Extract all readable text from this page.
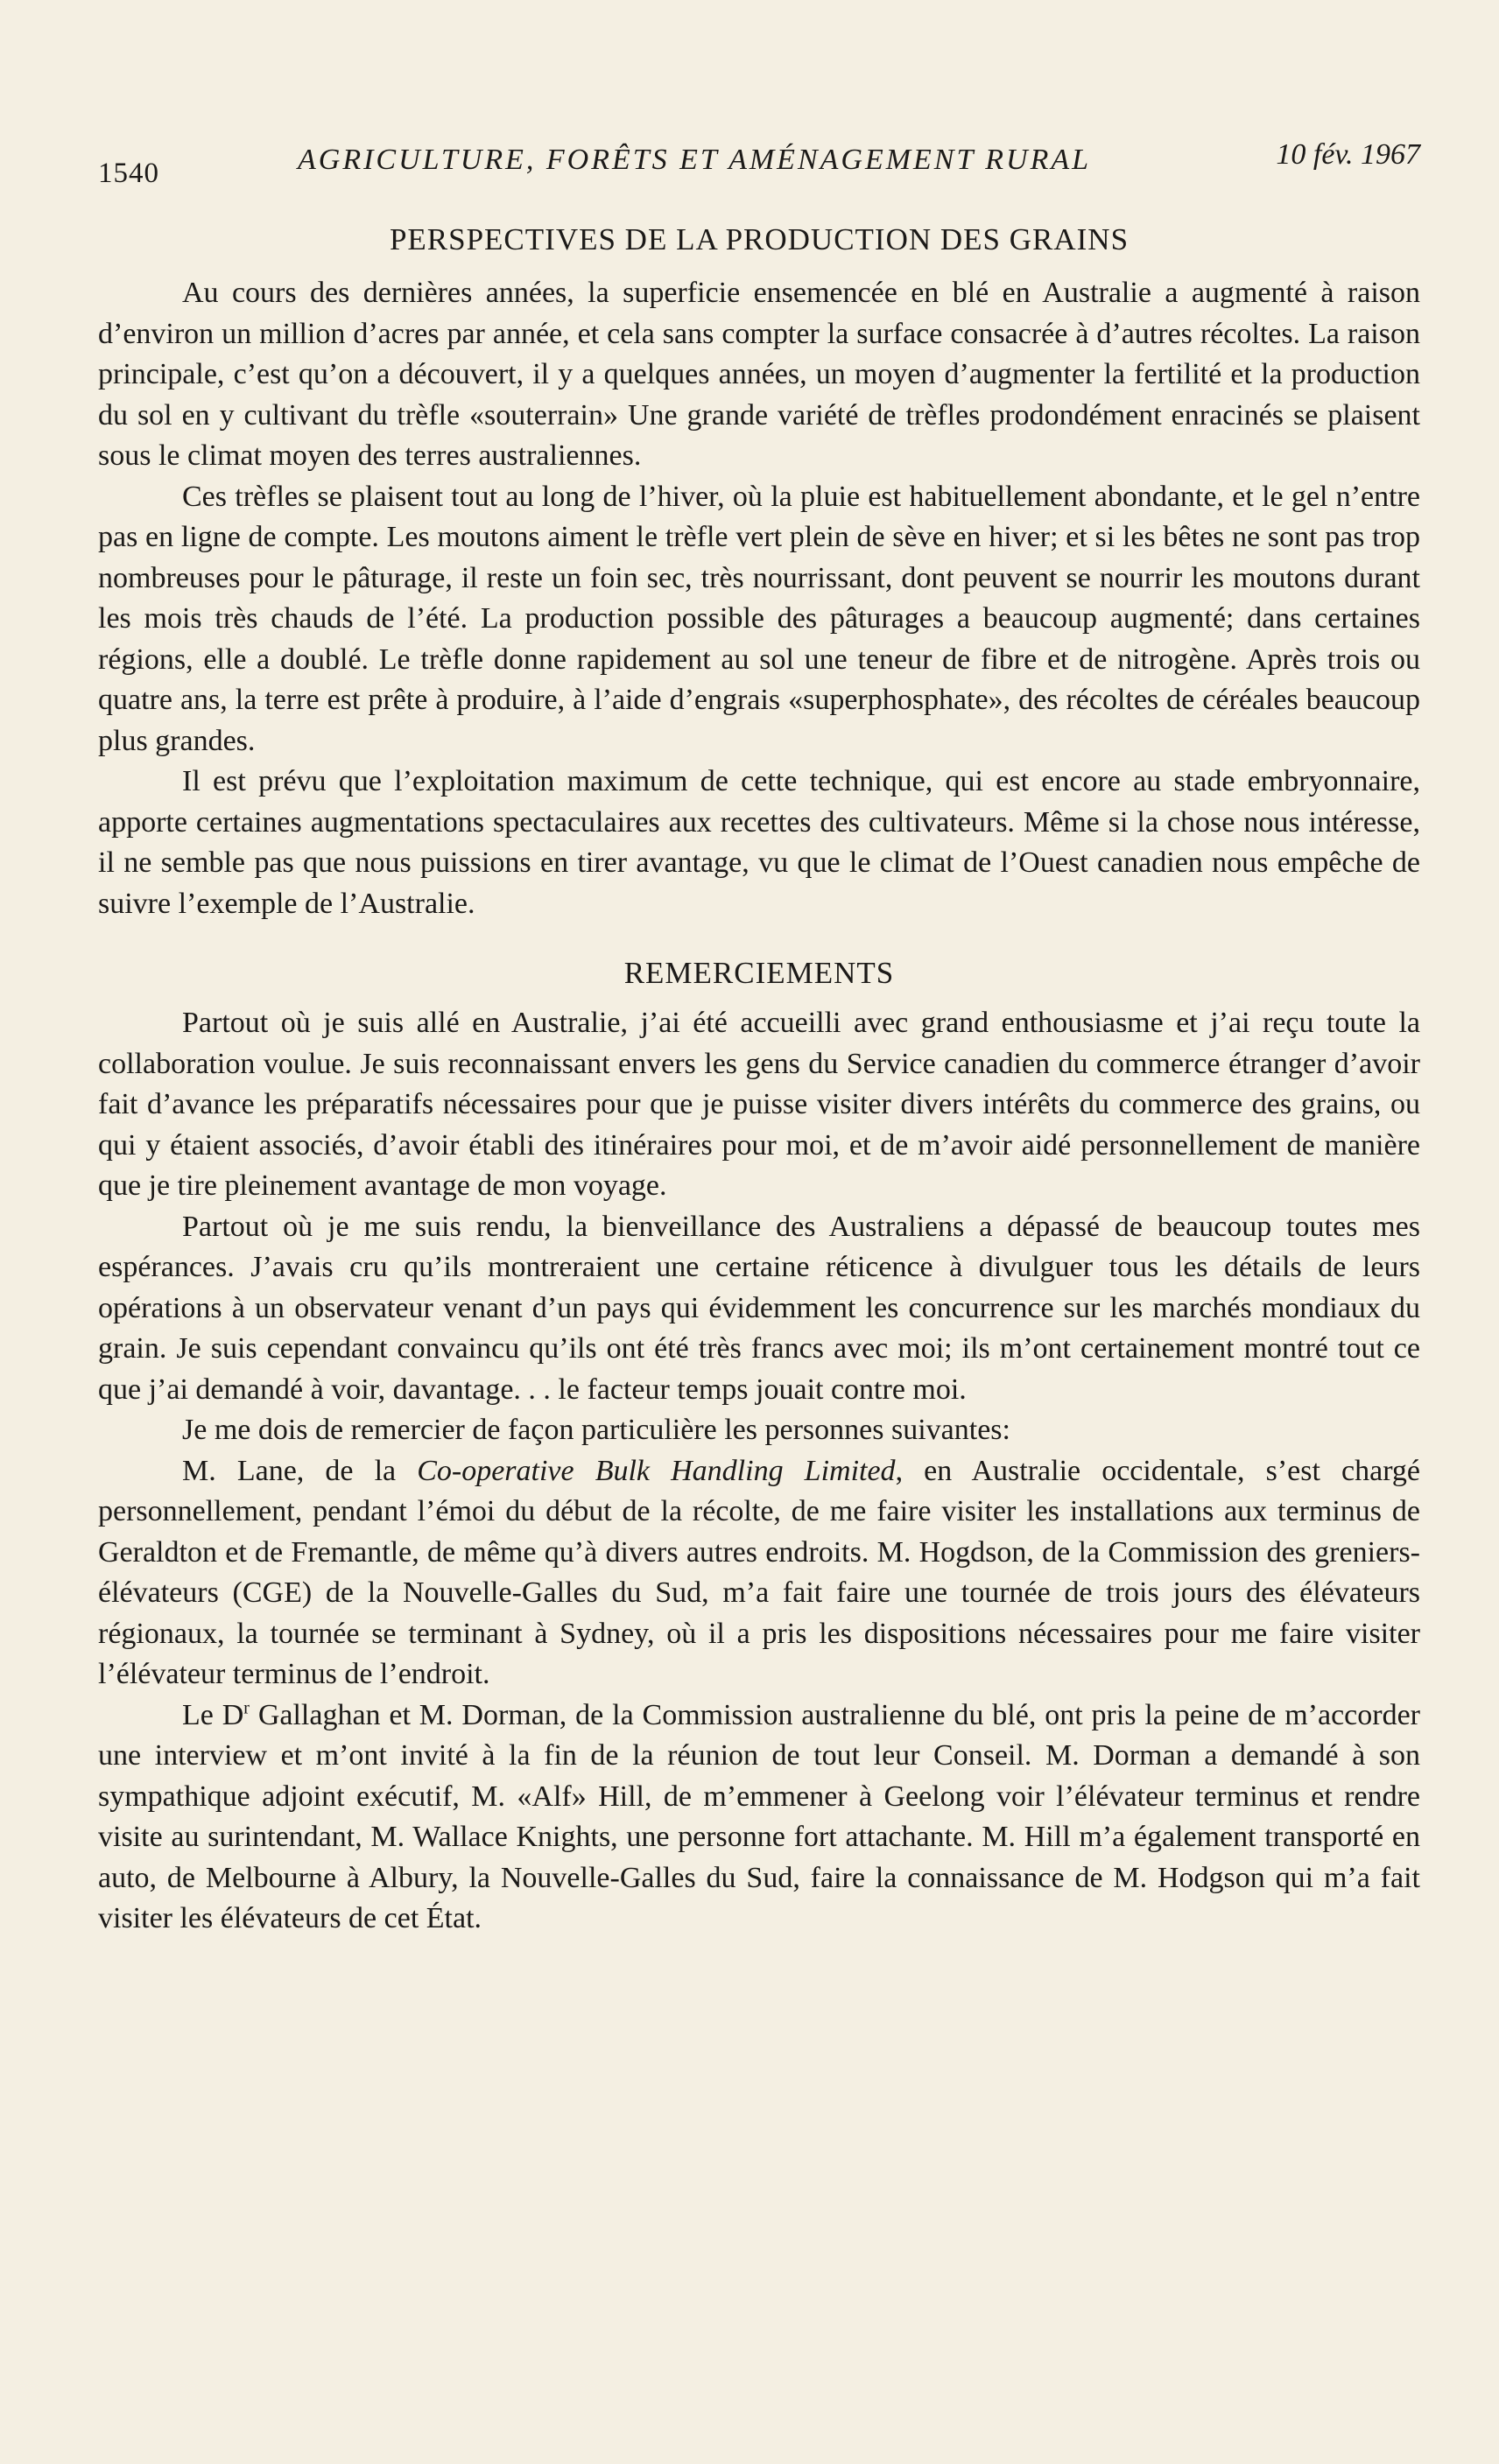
1540	AGRICULTURE, FORÊTS ET AMÉNAGEMENT RURAL	10 fév. 1967
PERSPECTIVES DE LA PRODUCTION DES GRAINS

Au cours des dernières années, la superficie ensemencée en blé en Australie a augmenté à raison d’environ un million d’acres par année, et cela sans compter la surface consacrée à d’autres récoltes. La raison principale, c’est qu’on a découvert, il y a quelques années, un moyen d’augmenter la fertilité et la production du sol en y cultivant du trèfle «souterrain» Une grande variété de trèfles prodondément enracinés se plaisent sous le climat moyen des terres australiennes.

Ces trèfles se plaisent tout au long de l’hiver, où la pluie est habituellement abondante, et le gel n’entre pas en ligne de compte. Les moutons aiment le trèfle vert plein de sève en hiver; et si les bêtes ne sont pas trop nombreuses pour le pâturage, il reste un foin sec, très nourrissant, dont peuvent se nourrir les moutons durant les mois très chauds de l’été. La production possible des pâturages a beaucoup augmenté; dans certaines régions, elle a doublé. Le trèfle donne rapidement au sol une teneur de fibre et de nitrogène. Après trois ou quatre ans, la terre est prête à produire, à l’aide d’engrais «superphosphate», des récoltes de céréales beaucoup plus grandes.

Il est prévu que l’exploitation maximum de cette technique, qui est encore au stade embryonnaire, apporte certaines augmentations spectaculaires aux recettes des cultivateurs. Même si la chose nous intéresse, il ne semble pas que nous puissions en tirer avantage, vu que le climat de l’Ouest canadien nous empêche de suivre l’exemple de l’Australie.

REMERCIEMENTS

Partout où je suis allé en Australie, j’ai été accueilli avec grand enthousiasme et j’ai reçu toute la collaboration voulue. Je suis reconnaissant envers les gens du Service canadien du commerce étranger d’avoir fait d’avance les préparatifs nécessaires pour que je puisse visiter divers intérêts du commerce des grains, ou qui y étaient associés, d’avoir établi des itinéraires pour moi, et de m’avoir aidé personnellement de manière que je tire pleinement avantage de mon voyage.

Partout où je me suis rendu, la bienveillance des Australiens a dépassé de beaucoup toutes mes espérances. J’avais cru qu’ils montreraient une certaine réticence à divulguer tous les détails de leurs opérations à un observateur venant d’un pays qui évidemment les concurrence sur les marchés mondiaux du grain. Je suis cependant convaincu qu’ils ont été très francs avec moi; ils m’ont certainement montré tout ce que j’ai demandé à voir, davantage. . . le facteur temps jouait contre moi.

Je me dois de remercier de façon particulière les personnes suivantes:

M. Lane, de la Co-operative Bulk Handling Limited, en Australie occidentale, s’est chargé personnellement, pendant l’émoi du début de la récolte, de me faire visiter les installations aux terminus de Geraldton et de Fremantle, de même qu’à divers autres endroits. M. Hogdson, de la Commission des greniers-élévateurs (CGE) de la Nouvelle-Galles du Sud, m’a fait faire une tournée de trois jours des élévateurs régionaux, la tournée se terminant à Sydney, où il a pris les dispositions nécessaires pour me faire visiter l’élévateur terminus de l’endroit.

Le $D^r$ Gallaghan et M. Dorman, de la Commission australienne du blé, ont pris la peine de m’accorder une interview et m’ont invité à la fin de la réunion de tout leur Conseil. M. Dorman a demandé à son sympathique adjoint exécutif, M. «Alf» Hill, de m’emmener à Geelong voir l’élévateur terminus et rendre visite au surintendant, M. Wallace Knights, une personne fort attachante. M. Hill m’a également transporté en auto, de Melbourne à Albury, la Nouvelle-Galles du Sud, faire la connaissance de M. Hodgson qui m’a fait visiter les élévateurs de cet État.
